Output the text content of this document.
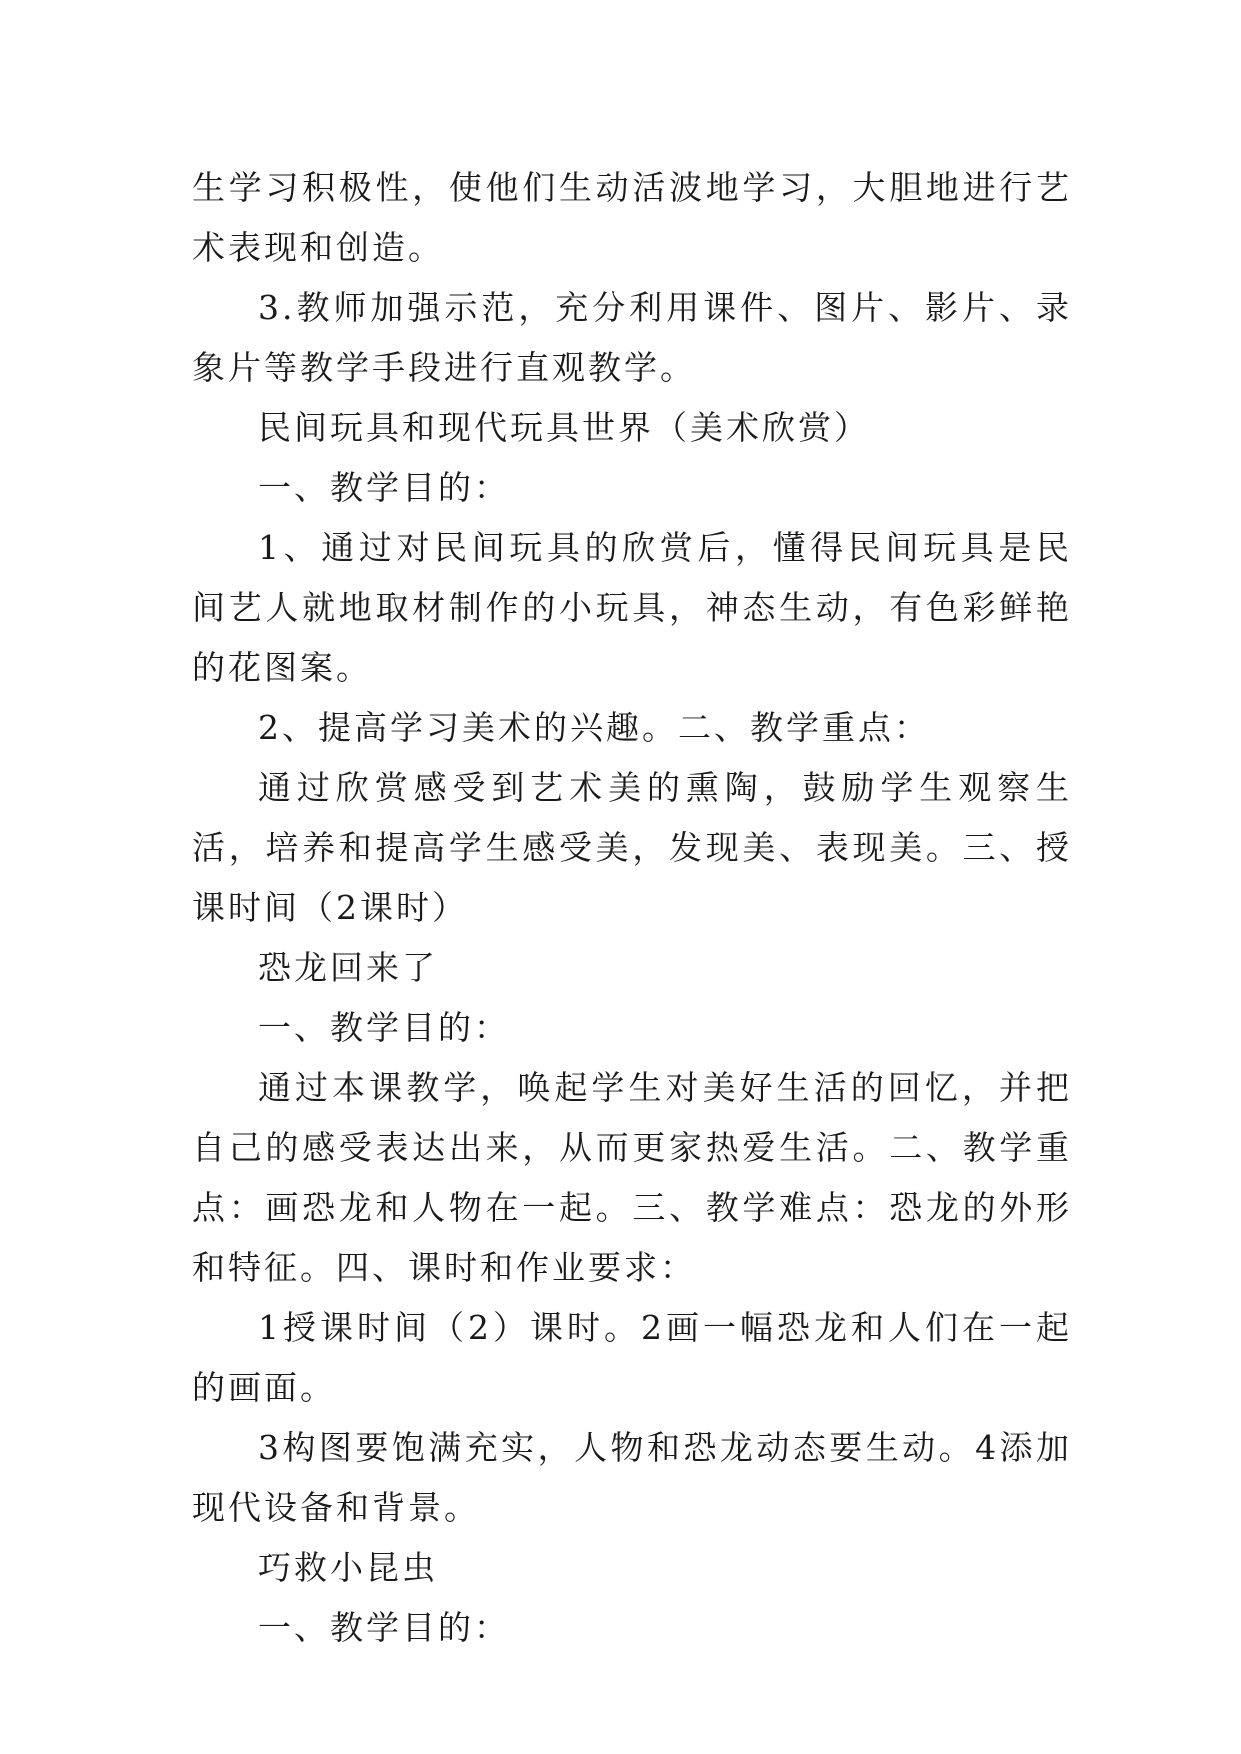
生学习积极性，使他们生动活波地学习，大胆地进行艺术表现和创造。

3.教师加强示范，充分利用课件、图片、影片、录象片等教学手段进行直观教学。

民间玩具和现代玩具世界（美术欣赏）

一、教学目的：

1、通过对民间玩具的欣赏后，懂得民间玩具是民间艺人就地取材制作的小玩具，神态生动，有色彩鲜艳的花图案。

2、提高学习美术的兴趣。二、教学重点：

通过欣赏感受到艺术美的熏陶，鼓励学生观察生活，培养和提高学生感受美，发现美、表现美。三、授课时间（2课时）

恐龙回来了

一、教学目的：

通过本课教学，唤起学生对美好生活的回忆，并把自己的感受表达出来，从而更家热爱生活。二、教学重点：画恐龙和人物在一起。三、教学难点：恐龙的外形和特征。四、课时和作业要求：

1授课时间（2）课时。2画一幅恐龙和人们在一起的画面。

3构图要饱满充实，人物和恐龙动态要生动。4添加现代设备和背景。

巧救小昆虫

一、教学目的：
